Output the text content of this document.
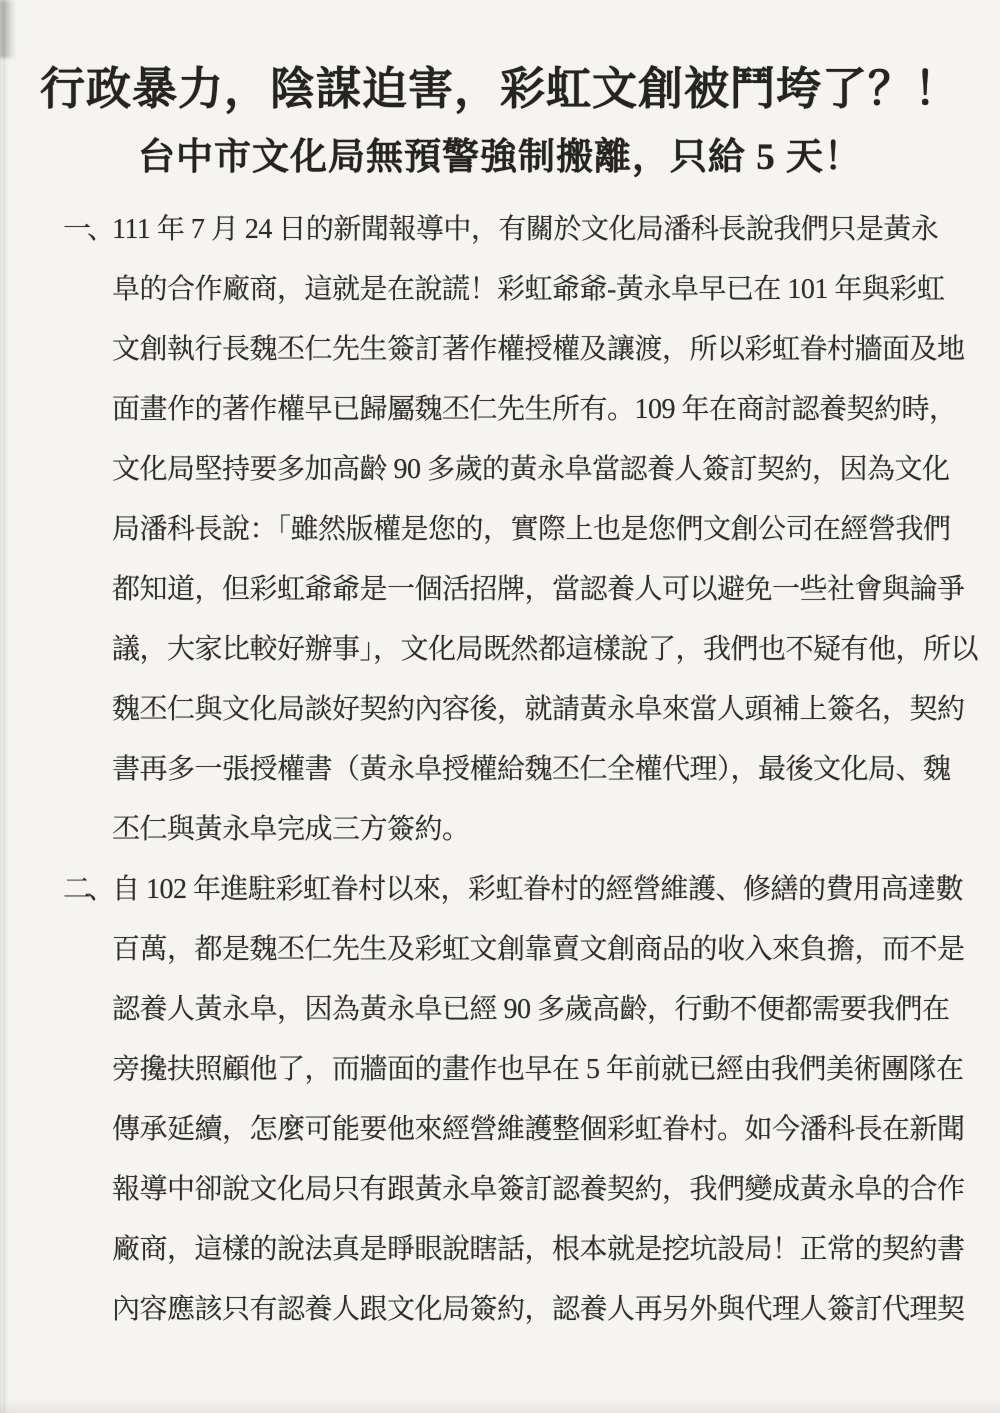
行政暴力，陰謀迫害，彩虹文創被鬥垮了？！
台中市文化局無預警強制搬離，只給 5 天！
一、111 年 7 月 24 日的新聞報導中，有關於文化局潘科長說我們只是黃永
阜的合作廠商，這就是在說謊！彩虹爺爺-黃永阜早已在 101 年與彩虹
文創執行長魏丕仁先生簽訂著作權授權及讓渡，所以彩虹眷村牆面及地
面畫作的著作權早已歸屬魏丕仁先生所有。109 年在商討認養契約時，
文化局堅持要多加高齡 90 多歲的黃永阜當認養人簽訂契約，因為文化
局潘科長說：「雖然版權是您的，實際上也是您們文創公司在經營我們
都知道，但彩虹爺爺是一個活招牌，當認養人可以避免一些社會與論爭
議，大家比較好辦事」，文化局既然都這樣說了，我們也不疑有他，所以
魏丕仁與文化局談好契約內容後，就請黃永阜來當人頭補上簽名，契約
書再多一張授權書（黃永阜授權給魏丕仁全權代理），最後文化局、魏
丕仁與黃永阜完成三方簽約。
二、自 102 年進駐彩虹眷村以來，彩虹眷村的經營維護、修繕的費用高達數
百萬，都是魏丕仁先生及彩虹文創靠賣文創商品的收入來負擔，而不是
認養人黃永阜，因為黃永阜已經 90 多歲高齡，行動不便都需要我們在
旁攙扶照顧他了，而牆面的畫作也早在 5 年前就已經由我們美術團隊在
傳承延續，怎麼可能要他來經營維護整個彩虹眷村。如今潘科長在新聞
報導中卻說文化局只有跟黃永阜簽訂認養契約，我們變成黃永阜的合作
廠商，這樣的說法真是睜眼說瞎話，根本就是挖坑設局！正常的契約書
內容應該只有認養人跟文化局簽約，認養人再另外與代理人簽訂代理契
